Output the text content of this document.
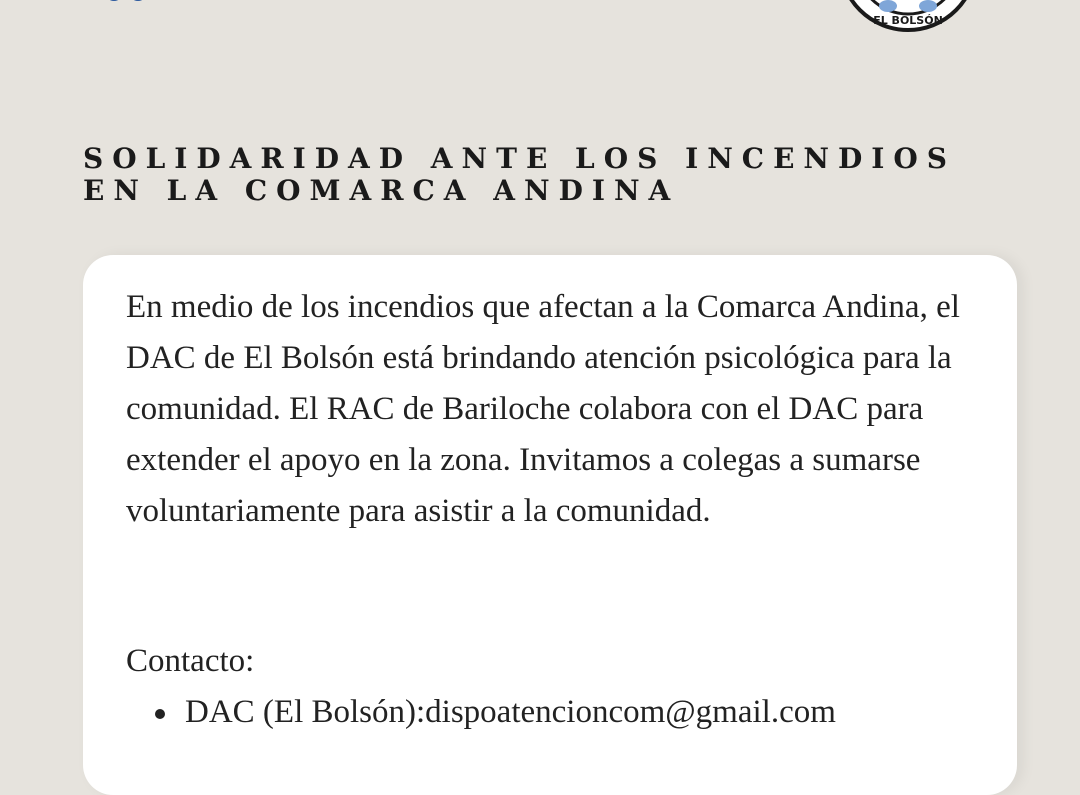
EL BOLSÓN
SOLIDARIDAD ANTE LOS INCENDIOS EN LA COMARCA ANDINA

En medio de los incendios que afectan a la Comarca Andina, el DAC de El Bolsón está brindando atención psicológica para la comunidad. El RAC de Bariloche colabora con el DAC para extender el apoyo en la zona. Invitamos a colegas a sumarse voluntariamente para asistir a la comunidad.

Contacto:

DAC (El Bolsón):dispoatencioncom@gmail.com
